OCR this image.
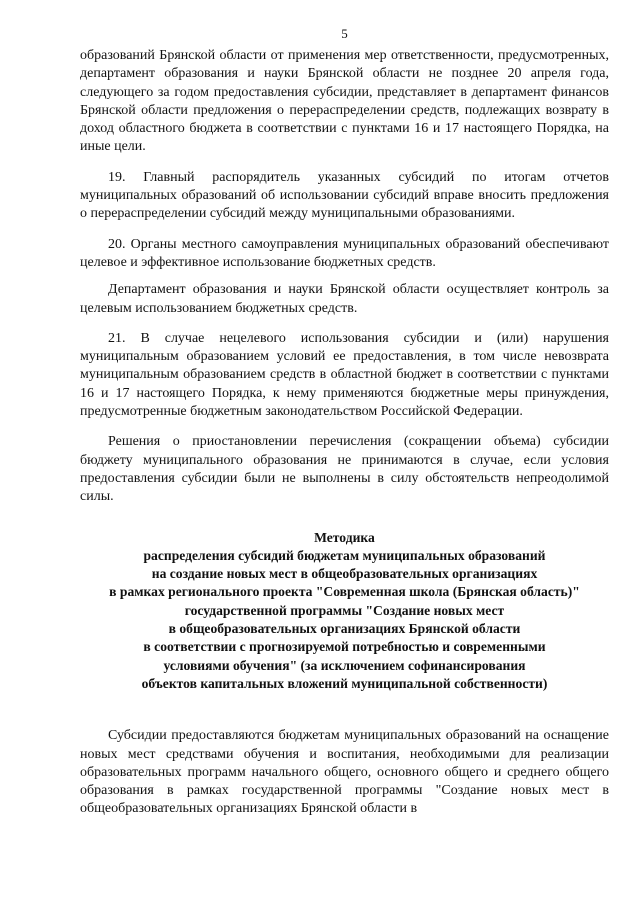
5

образований Брянской области от применения мер ответственности, предусмотренных, департамент образования и науки Брянской области не позднее 20 апреля года, следующего за годом предоставления субсидии, представляет в департамент финансов Брянской области предложения о перераспределении средств, подлежащих возврату в доход областного бюджета в соответствии с пунктами 16 и 17 настоящего Порядка, на иные цели.

19. Главный распорядитель указанных субсидий по итогам отчетов муниципальных образований об использовании субсидий вправе вносить предложения о перераспределении субсидий между муниципальными образованиями.

20. Органы местного самоуправления муниципальных образований обеспечивают целевое и эффективное использование бюджетных средств.

Департамент образования и науки Брянской области осуществляет контроль за целевым использованием бюджетных средств.

21. В случае нецелевого использования субсидии и (или) нарушения муниципальным образованием условий ее предоставления, в том числе невозврата муниципальным образованием средств в областной бюджет в соответствии с пунктами 16 и 17 настоящего Порядка, к нему применяются бюджетные меры принуждения, предусмотренные бюджетным законодательством Российской Федерации.

Решения о приостановлении перечисления (сокращении объема) субсидии бюджету муниципального образования не принимаются в случае, если условия предоставления субсидии были не выполнены в силу обстоятельств непреодолимой силы.

Методика
распределения субсидий бюджетам муниципальных образований
на создание новых мест в общеобразовательных организациях
в рамках регионального проекта "Современная школа (Брянская область)"
государственной программы "Создание новых мест
в общеобразовательных организациях Брянской области
в соответствии с прогнозируемой потребностью и современными
условиями обучения" (за исключением софинансирования
объектов капитальных вложений муниципальной собственности)

Субсидии предоставляются бюджетам муниципальных образований на оснащение новых мест средствами обучения и воспитания, необходимыми для реализации образовательных программ начального общего, основного общего и среднего общего образования в рамках государственной программы "Создание новых мест в общеобразовательных организациях Брянской области в
